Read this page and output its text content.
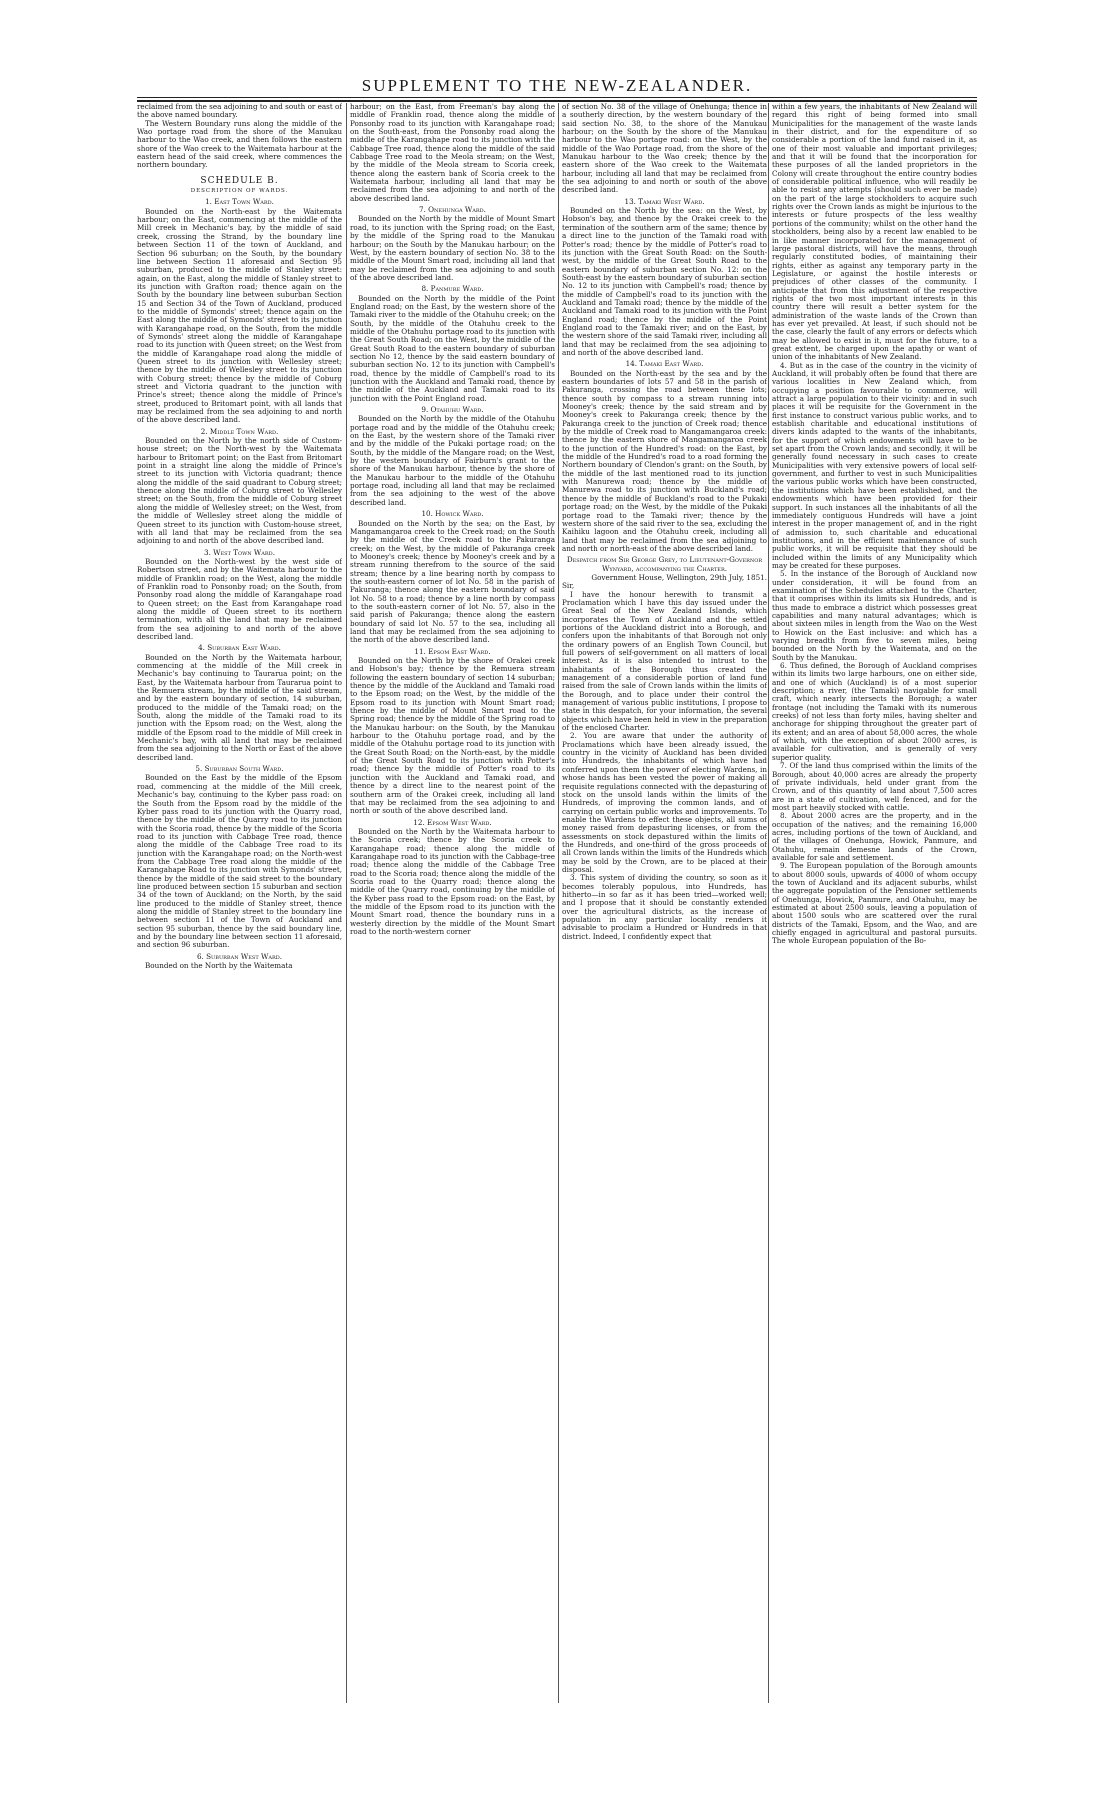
SUPPLEMENT TO THE NEW-ZEALANDER.

reclaimed from the sea adjoining to and south or east of the above named boundary.

The Western Boundary runs along the middle of the Wao portage road from the shore of the Manukau harbour to the Wao creek, and then follows the eastern shore of the Wao creek to the Waitemata harbour at the eastern head of the said creek, where commences the northern boundary.

SCHEDULE B.

DESCRIPTION OF WARDS.

1. East Town Ward.

Bounded on the North-east by the Waitemata harbour; on the East, commencing at the middle of the Mill creek in Mechanic's bay, by the middle of said creek, crossing the Strand, by the boundary line between Section 11 of the town of Auckland, and Section 96 suburban; on the South, by the boundary line between Section 11 aforesaid and Section 95 suburban, produced to the middle of Stanley street: again, on the East, along the middle of Stanley street to its junction with Grafton road; thence again on the South by the boundary line between suburban Section 15 and Section 34 of the Town of Auckland, produced to the middle of Symonds' street; thence again on the East along the middle of Symonds' street to its junction with Karangahape road, on the South, from the middle of Symonds' street along the middle of Karangahape road to its junction with Queen street; on the West from the middle of Karangahape road along the middle of Queen street to its junction with Wellesley street; thence by the middle of Wellesley street to its junction with Coburg street; thence by the middle of Coburg street and Victoria quadrant to the junction with Prince's street; thence along the middle of Prince's street, produced to Britomart point, with all lands that may be reclaimed from the sea adjoining to and north of the above described land.

2. Middle Town Ward.

Bounded on the North by the north side of Custom-house street; on the North-west by the Waitemata harbour to Britomart point; on the East from Britomart point in a straight line along the middle of Prince's street to its junction with Victoria quadrant; thence along the middle of the said quadrant to Coburg street; thence along the middle of Coburg street to Wellesley street; on the South, from the middle of Coburg street along the middle of Wellesley street; on the West, from the middle of Wellesley street along the middle of Queen street to its junction with Custom-house street, with all land that may be reclaimed from the sea adjoining to and north of the above described land.

3. West Town Ward.

Bounded on the North-west by the west side of Robertson street, and by the Waitemata harbour to the middle of Franklin road; on the West, along the middle of Franklin road to Ponsonby road; on the South, from Ponsonby road along the middle of Karangahape road to Queen street; on the East from Karangahape road along the middle of Queen street to its northern termination, with all the land that may be reclaimed from the sea adjoining to and north of the above described land.

4. Suburban East Ward.

Bounded on the North by the Waitemata harbour, commencing at the middle of the Mill creek in Mechanic's bay continuing to Taurarua point; on the East, by the Waitemata harbour from Taurarua point to the Remuera stream, by the middle of the said stream, and by the eastern boundary of section, 14 suburban, produced to the middle of the Tamaki road; on the South, along the middle of the Tamaki road to its junction with the Epsom road; on the West, along the middle of the Epsom road to the middle of Mill creek in Mechanic's bay, with all land that may be reclaimed from the sea adjoining to the North or East of the above described land.

5. Suburban South Ward.

Bounded on the East by the middle of the Epsom road, commencing at the middle of the Mill creek, Mechanic's bay, continuing to the Kyber pass road: on the South from the Epsom road by the middle of the Kyber pass road to its junction with the Quarry road, thence by the middle of the Quarry road to its junction with the Scoria road, thence by the middle of the Scoria road to its junction with Cabbage Tree road, thence along the middle of the Cabbage Tree road to its junction with the Karangahape road; on the North-west from the Cabbage Tree road along the middle of the Karangahape Road to its junction with Symonds' street, thence by the middle of the said street to the boundary line produced between section 15 suburban and section 34 of the town of Auckland; on the North, by the said line produced to the middle of Stanley street, thence along the middle of Stanley street to the boundary line between section 11 of the Town of Auckland and section 95 suburban, thence by the said boundary line, and by the boundary line between section 11 aforesaid, and section 96 suburban.

6. Suburban West Ward.

Bounded on the North by the Waitemata

harbour; on the East, from Freeman's bay along the middle of Franklin road, thence along the middle of Ponsonby road to its junction with Karangahape road; on the South-east, from the Ponsonby road along the middle of the Karangahape road to its junction with the Cabbage Tree road, thence along the middle of the said Cabbage Tree road to the Meola stream; on the West, by the middle of the Meola stream to Scoria creek, thence along the eastern bank of Scoria creek to the Waitemata harbour, including all land that may be reclaimed from the sea adjoining to and north of the above described land.

7. Onehunga Ward.

Bounded on the North by the middle of Mount Smart road, to its junction with the Spring road; on the East, by the middle of the Spring road to the Manukau harbour; on the South by the Manukau harbour; on the West, by the eastern boundary of section No. 38 to the middle of the Mount Smart road, including all land that may be reclaimed from the sea adjoining to and south of the above described land.

8. Panmure Ward.

Bounded on the North by the middle of the Point England road; on the East, by the western shore of the Tamaki river to the middle of the Otahuhu creek; on the South, by the middle of the Otahuhu creek to the middle of the Otahuhu portage road to its junction with the Great South Road; on the West, by the middle of the Great South Road to the eastern boundary of suburban section No 12, thence by the said eastern boundary of suburban section No. 12 to its junction with Campbell's road, thence by the middle of Campbell's road to its junction with the Auckland and Tamaki road, thence by the middle of the Auckland and Tamaki road to its junction with the Point England road.

9. Otahuhu Ward.

Bounded on the North by the middle of the Otahuhu portage road and by the middle of the Otahuhu creek; on the East, by the western shore of the Tamaki river and by the middle of the Pukaki portage road; on the South, by the middle of the Mangare road; on the West, by the western boundary of Fairburn's grant to the shore of the Manukau harbour, thence by the shore of the Manukau harbour to the middle of the Otahuhu portage road, including all land that may be reclaimed from the sea adjoining to the west of the above described land.

10. Howick Ward.

Bounded on the North by the sea; on the East, by Mangamangaroa creek to the Creek road; on the South by the middle of the Creek road to the Pakuranga creek; on the West, by the middle of Pakuranga creek to Mooney's creek; thence by Mooney's creek and by a stream running therefrom to the source of the said stream; thence by a line bearing north by compass to the south-eastern corner of lot No. 58 in the parish of Pakuranga; thence along the eastern boundary of said lot No. 58 to a road; thence by a line north by compass to the south-eastern corner of lot No. 57, also in the said parish of Pakuranga; thence along the eastern boundary of said lot No. 57 to the sea, including all land that may be reclaimed from the sea adjoining to the north of the above described land.

11. Epsom East Ward.

Bounded on the North by the shore of Orakei creek and Hobson's bay; thence by the Remuera stream following the eastern boundary of section 14 suburban; thence by the middle of the Auckland and Tamaki road to the Epsom road; on the West, by the middle of the Epsom road to its junction with Mount Smart road; thence by the middle of Mount Smart road to the Spring road; thence by the middle of the Spring road to the Manukau harbour: on the South, by the Manukau harbour to the Otahuhu portage road, and by the middle of the Otahuhu portage road to its junction with the Great South Road; on the North-east, by the middle of the Great South Road to its junction with Potter's road; thence by the middle of Potter's road to its junction with the Auckland and Tamaki road, and thence by a direct line to the nearest point of the southern arm of the Orakei creek, including all land that may be reclaimed from the sea adjoining to and north or south of the above described land.

12. Epsom West Ward.

Bounded on the North by the Waitemata harbour to the Scoria creek; thence by the Scoria creek to Karangahape road; thence along the middle of Karangahape road to its junction with the Cabbage-tree road; thence along the middle of the Cabbage Tree road to the Scoria road; thence along the middle of the Scoria road to the Quarry road; thence along the middle of the Quarry road, continuing by the middle of the Kyber pass road to the Epsom road: on the East, by the middle of the Epsom road to its junction with the Mount Smart road, thence the boundary runs in a westerly direction by the middle of the Mount Smart road to the north-western corner

of section No. 38 of the village of Onehunga; thence in a southerly direction, by the western boundary of the said section No. 38, to the shore of the Manukau harbour; on the South by the shore of the Manukau harbour to the Wao portage road: on the West, by the middle of the Wao Portage road, from the shore of the Manukau harbour to the Wao creek; thence by the eastern shore of the Wao creek to the Waitemata harbour, including all land that may be reclaimed from the sea adjoining to and north or south of the above described land.

13. Tamaki West Ward.

Bounded on the North by the sea: on the West, by Hobson's bay, and thence by the Orakei creek to the termination of the southern arm of the same; thence by a direct line to the junction of the Tamaki road with Potter's road; thence by the middle of Potter's road to its junction with the Great South Road: on the South-west, by the middle of the Great South Road to the eastern boundary of suburban section No. 12: on the South-east by the eastern boundary of suburban section No. 12 to its junction with Campbell's road; thence by the middle of Campbell's road to its junction with the Auckland and Tamaki road; thence by the middle of the Auckland and Tamaki road to its junction with the Point England road; thence by the middle of the Point England road to the Tamaki river; and on the East, by the western shore of the said Tamaki river, including all land that may be reclaimed from the sea adjoining to and north of the above described land.

14. Tamaki East Ward.

Bounded on the North-east by the sea and by the eastern boundaries of lots 57 and 58 in the parish of Pakuranga, crossing the road between these lots; thence south by compass to a stream running into Mooney's creek; thence by the said stream and by Mooney's creek to Pakuranga creek; thence by the Pakuranga creek to the junction of Creek road; thence by the middle of Creek road to Mangamangaroa creek: thence by the eastern shore of Mangamangaroa creek to the junction of the Hundred's road: on the East, by the middle of the Hundred's road to a road forming the Northern boundary of Clendon's grant: on the South, by the middle of the last mentioned road to its junction with Manurewa road; thence by the middle of Manurewa road to its junction with Buckland's road; thence by the middle of Buckland's road to the Pukaki portage road; on the West, by the middle of the Pukaki portage road to the Tamaki river; thence by the western shore of the said river to the sea, excluding the Kaihiku lagoon and the Otahuhu creek, including all land that may be reclaimed from the sea adjoining to and north or north-east of the above described land.

Despatch from Sir George Grey, to Lieutenant-Governor Wynyard, accompanying the Charter.

Government House, Wellington, 29th July, 1851.

Sir,

I have the honour herewith to transmit a Proclamation which I have this day issued under the Great Seal of the New Zealand Islands, which incorporates the Town of Auckland and the settled portions of the Auckland district into a Borough, and confers upon the inhabitants of that Borough not only the ordinary powers of an English Town Council, but full powers of self-government on all matters of local interest. As it is also intended to intrust to the inhabitants of the Borough thus created the management of a considerable portion of land fund raised from the sale of Crown lands within the limits of the Borough, and to place under their control the management of various public institutions, I propose to state in this despatch, for your information, the several objects which have been held in view in the preparation of the enclosed Charter.

2. You are aware that under the authority of Proclamations which have been already issued, the country in the vicinity of Auckland has been divided into Hundreds, the inhabitants of which have had conferred upon them the power of electing Wardens, in whose hands has been vested the power of making all requisite regulations connected with the depasturing of stock on the unsold lands within the limits of the Hundreds, of improving the common lands, and of carrying on certain public works and improvements. To enable the Wardens to effect these objects, all sums of money raised from depasturing licenses, or from the assessments on stock depastured within the limits of the Hundreds, and one-third of the gross proceeds of all Crown lands within the limits of the Hundreds which may be sold by the Crown, are to be placed at their disposal.

3. This system of dividing the country, so soon as it becomes tolerably populous, into Hundreds, has hitherto—in so far as it has been tried—worked well; and I propose that it should be constantly extended over the agricultural districts, as the increase of population in any particular locality renders it advisable to proclaim a Hundred or Hundreds in that district. Indeed, I confidently expect that

within a few years, the inhabitants of New Zealand will regard this right of being formed into small Municipalities for the management of the waste lands in their district, and for the expenditure of so considerable a portion of the land fund raised in it, as one of their most valuable and important privileges; and that it will be found that the incorporation for these purposes of all the landed proprietors in the Colony will create throughout the entire country bodies of considerable political influence, who will readily be able to resist any attempts (should such ever be made) on the part of the large stockholders to acquire such rights over the Crown lands as might be injurious to the interests or future prospects of the less wealthy portions of the community; whilst on the other hand the stockholders, being also by a recent law enabled to be in like manner incorporated for the management of large pastoral districts, will have the means, through regularly constituted bodies, of maintaining their rights, either as against any temporary party in the Legislature, or against the hostile interests or prejudices of other classes of the community. I anticipate that from this adjustment of the respective rights of the two most important interests in this country there will result a better system for the administration of the waste lands of the Crown than has ever yet prevailed. At least, if such should not be the case, clearly the fault of any errors or defects which may be allowed to exist in it, must for the future, to a great extent, be charged upon the apathy or want of union of the inhabitants of New Zealand.

4. But as in the case of the country in the vicinity of Auckland, it will probably often be found that there are various localities in New Zealand which, from occupying a position favourable to commerce, will attract a large population to their vicinity: and in such places it will be requisite for the Government in the first instance to construct various public works, and to establish charitable and educational institutions of divers kinds adapted to the wants of the inhabitants, for the support of which endowments will have to be set apart from the Crown lands; and secondly, it will be generally found necessary in such cases to create Municipalities with very extensive powers of local self-government, and further to vest in such Municipalities the various public works which have been constructed, the institutions which have been established, and the endowments which have been provided for their support. In such instances all the inhabitants of all the immediately contiguous Hundreds will have a joint interest in the proper management of, and in the right of admission to, such charitable and educational institutions, and in the efficient maintenance of such public works, it will be requisite that they should be included within the limits of any Municipality which may be created for these purposes.

5. In the instance of the Borough of Auckland now under consideration, it will be found from an examination of the Schedules attached to the Charter, that it comprises within its limits six Hundreds, and is thus made to embrace a district which possesses great capabilities and many natural advantages; which is about sixteen miles in length from the Wao on the West to Howick on the East inclusive: and which has a varying breadth from five to seven miles, being bounded on the North by the Waitemata, and on the South by the Manukau.

6. Thus defined, the Borough of Auckland comprises within its limits two large harbours, one on either side, and one of which (Auckland) is of a most superior description; a river, (the Tamaki) navigable for small craft, which nearly intersects the Borough; a water frontage (not including the Tamaki with its numerous creeks) of not less than forty miles, having shelter and anchorage for shipping throughout the greater part of its extent; and an area of about 58,000 acres, the whole of which, with the exception of about 2000 acres, is available for cultivation, and is generally of very superior quality.

7. Of the land thus comprised within the limits of the Borough, about 40,000 acres are already the property of private individuals, held under grant from the Crown, and of this quantity of land about 7,500 acres are in a state of cultivation, well fenced, and for the most part heavily stocked with cattle.

8. About 2000 acres are the property, and in the occupation of the natives; and the remaining 16,000 acres, including portions of the town of Auckland, and of the villages of Onehunga, Howick, Panmure, and Otahuhu, remain demesne lands of the Crown, available for sale and settlement.

9. The European population of the Borough amounts to about 8000 souls, upwards of 4000 of whom occupy the town of Auckland and its adjacent suburbs, whilst the aggregate population of the Pensioner settlements of Onehunga, Howick, Panmure, and Otahuhu, may be estimated at about 2500 souls, leaving a population of about 1500 souls who are scattered over the rural districts of the Tamaki, Epsom, and the Wao, and are chiefly engaged in agricultural and pastoral pursuits. The whole European population of the Bo-
